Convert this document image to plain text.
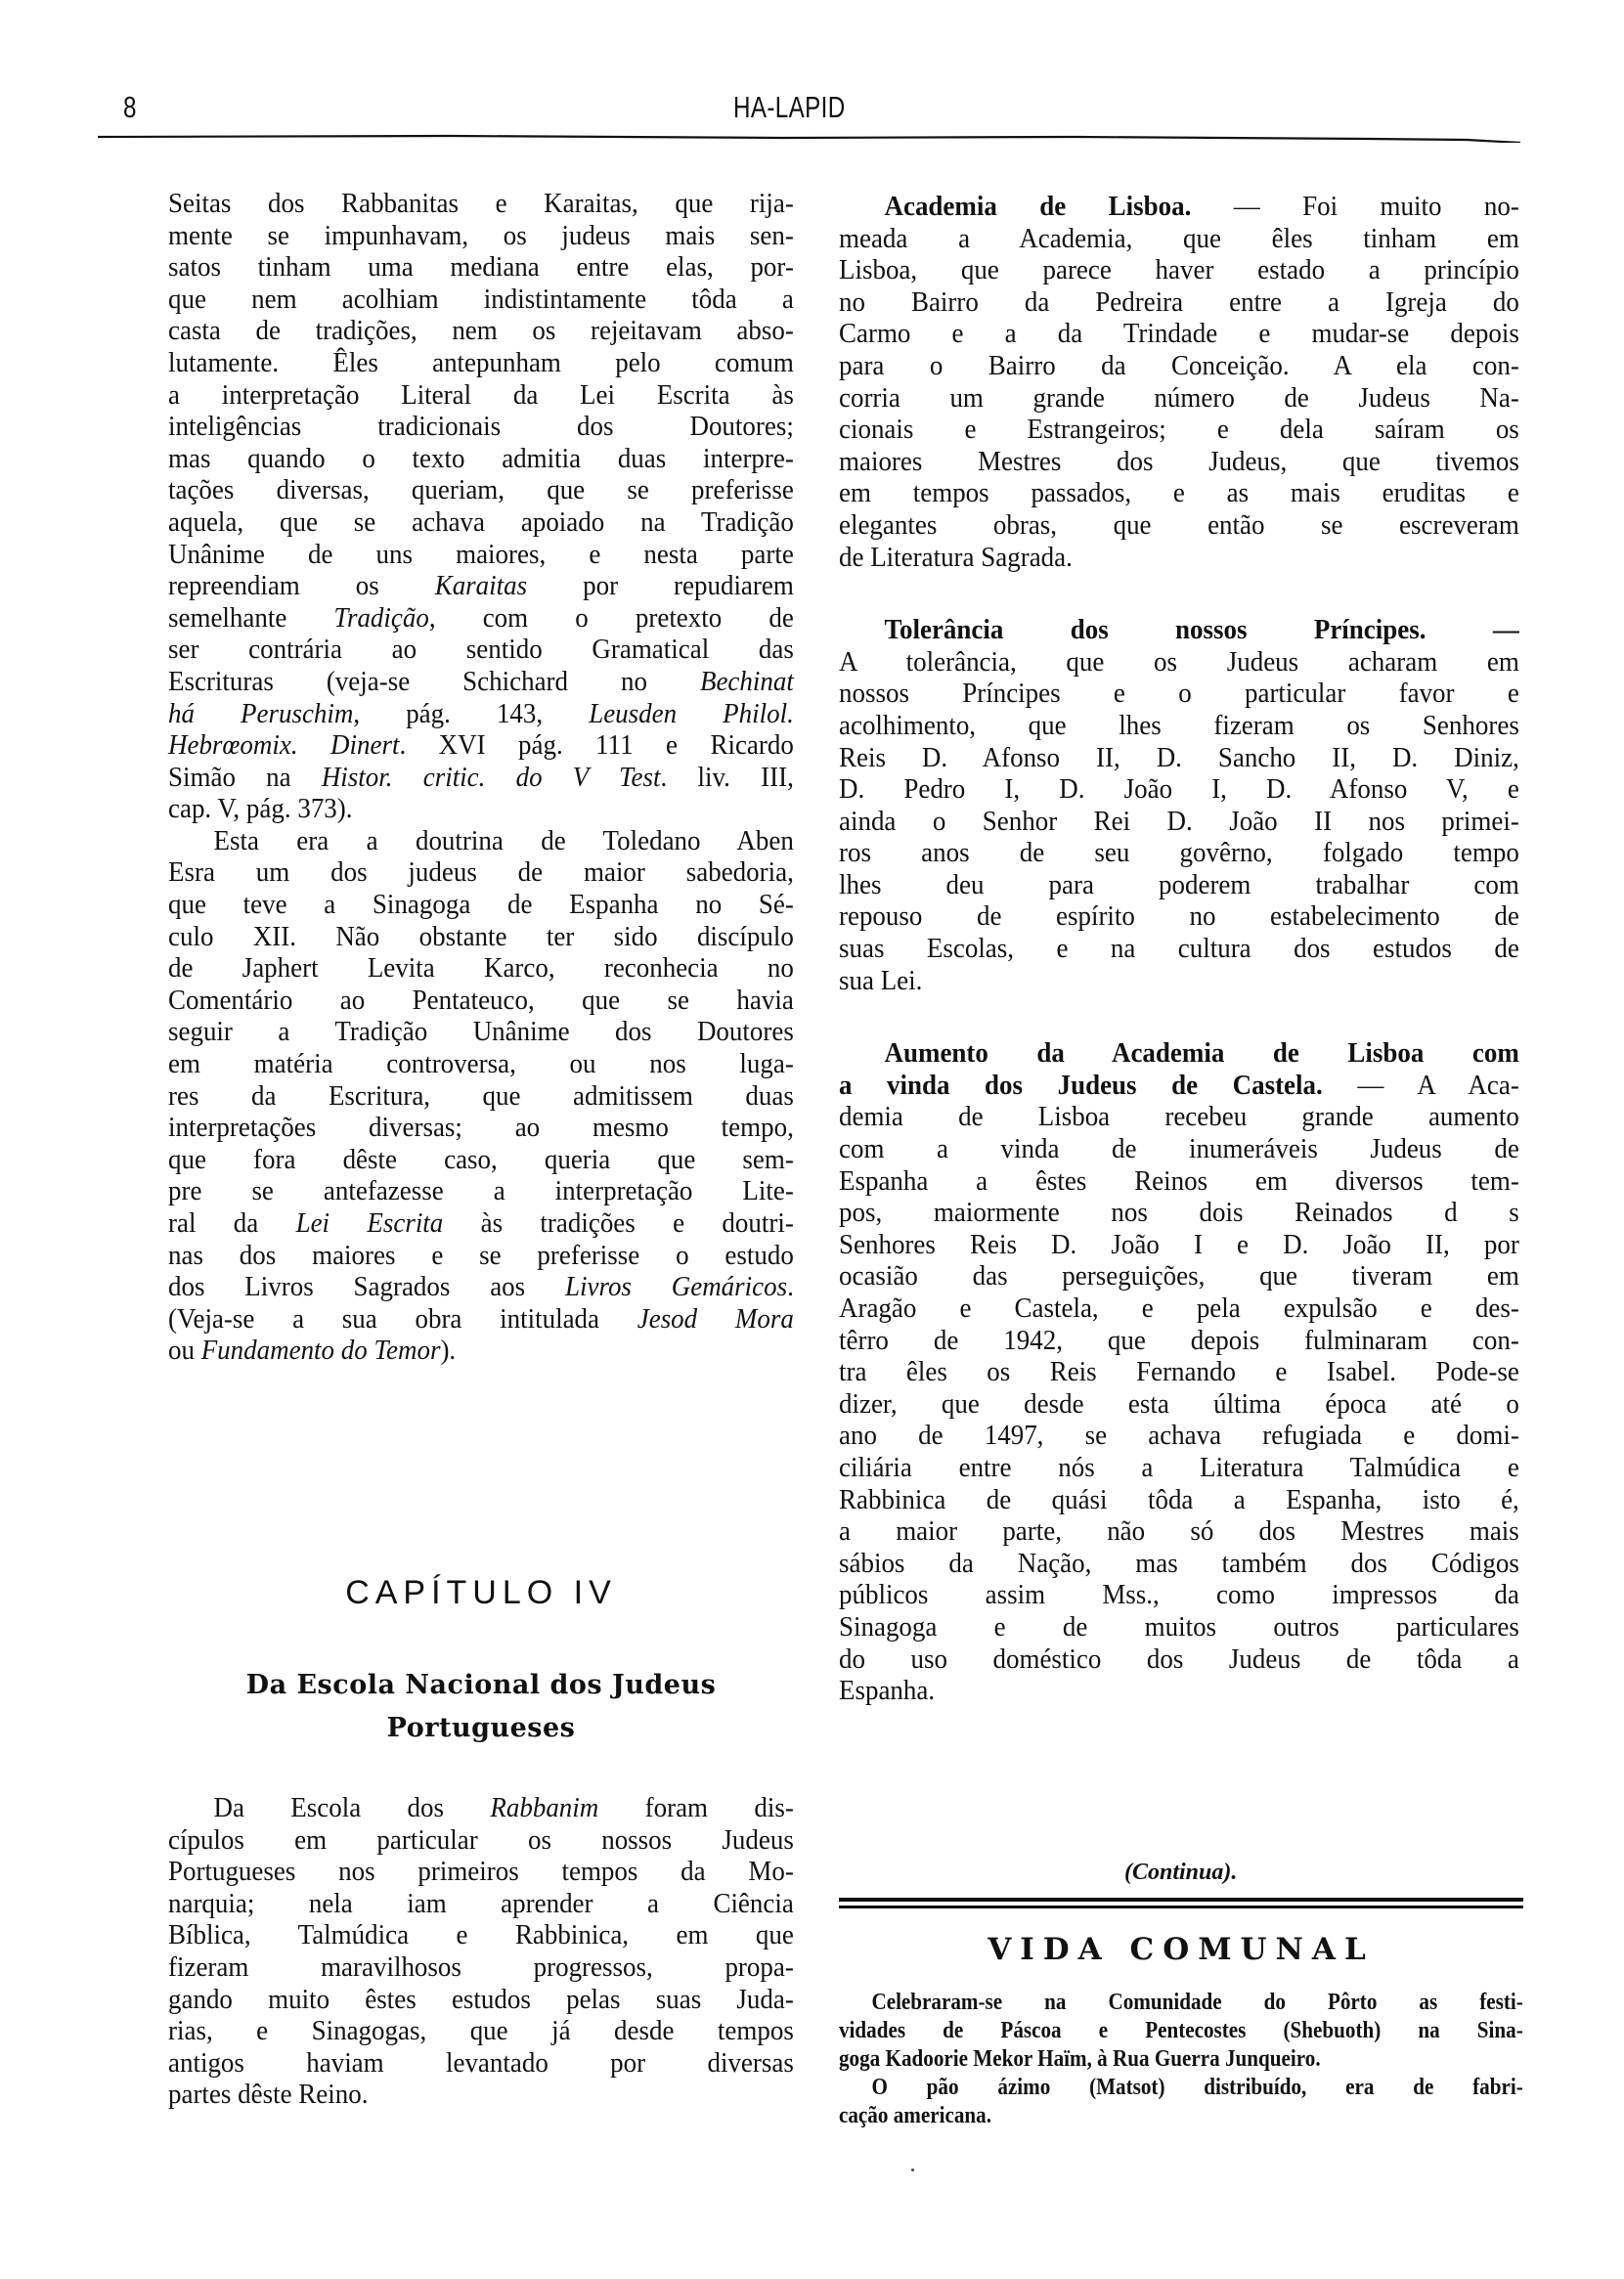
8	HA-LAPID
Seitas dos Rabbanitas e Karaitas, que rija-
mente se impunhavam, os judeus mais sen-
satos tinham uma mediana entre elas, por-
que nem acolhiam indistintamente tôda a
casta de tradições, nem os rejeitavam abso-
lutamente. Êles antepunham pelo comum
a interpretação Literal da Lei Escrita às
inteligências tradicionais dos Doutores;
mas quando o texto admitia duas interpre-
tações diversas, queriam, que se preferisse
aquela, que se achava apoiado na Tradição
Unânime de uns maiores, e nesta parte
repreendiam os Karaitas por repudiarem
semelhante Tradição, com o pretexto de
ser contrária ao sentido Gramatical das
Escrituras (veja-se Schichard no Bechinat
há Peruschim, pág. 143, Leusden Philol.
Hebrœomix. Dinert. XVI pág. 111 e Ricardo
Simão na Histor. critic. do V Test. liv. III,
cap. V, pág. 373).
Esta era a doutrina de Toledano Aben
Esra um dos judeus de maior sabedoria,
que teve a Sinagoga de Espanha no Sé-
culo XII. Não obstante ter sido discípulo
de Japhert Levita Karco, reconhecia no
Comentário ao Pentateuco, que se havia
seguir a Tradição Unânime dos Doutores
em matéria controversa, ou nos luga-
res da Escritura, que admitissem duas
interpretações diversas; ao mesmo tempo,
que fora dêste caso, queria que sem-
pre se antefazesse a interpretação Lite-
ral da Lei Escrita às tradições e doutri-
nas dos maiores e se preferisse o estudo
dos Livros Sagrados aos Livros Gemáricos.
(Veja-se a sua obra intitulada Jesod Mora
ou Fundamento do Temor).
CAPÍTULO IV
Da Escola Nacional dos Judeus
Portugueses
Da Escola dos Rabbanim foram dis-
cípulos em particular os nossos Judeus
Portugueses nos primeiros tempos da Mo-
narquia; nela iam aprender a Ciência
Bíblica, Talmúdica e Rabbinica, em que
fizeram maravilhosos progressos, propa-
gando muito êstes estudos pelas suas Juda-
rias, e Sinagogas, que já desde tempos
antigos haviam levantado por diversas
partes dêste Reino.
Academia de Lisboa. — Foi muito no-
meada a Academia, que êles tinham em
Lisboa, que parece haver estado a princípio
no Bairro da Pedreira entre a Igreja do
Carmo e a da Trindade e mudar-se depois
para o Bairro da Conceição. A ela con-
corria um grande número de Judeus Na-
cionais e Estrangeiros; e dela saíram os
maiores Mestres dos Judeus, que tivemos
em tempos passados, e as mais eruditas e
elegantes obras, que então se escreveram
de Literatura Sagrada.
Tolerância dos nossos Príncipes. —
A tolerância, que os Judeus acharam em
nossos Príncipes e o particular favor e
acolhimento, que lhes fizeram os Senhores
Reis D. Afonso II, D. Sancho II, D. Diniz,
D. Pedro I, D. João I, D. Afonso V, e
ainda o Senhor Rei D. João II nos primei-
ros anos de seu govêrno, folgado tempo
lhes deu para poderem trabalhar com
repouso de espírito no estabelecimento de
suas Escolas, e na cultura dos estudos de
sua Lei.
Aumento da Academia de Lisboa com
a vinda dos Judeus de Castela. — A Aca-
demia de Lisboa recebeu grande aumento
com a vinda de inumeráveis Judeus de
Espanha a êstes Reinos em diversos tem-
pos, maiormente nos dois Reinados d s
Senhores Reis D. João I e D. João II, por
ocasião das perseguições, que tiveram em
Aragão e Castela, e pela expulsão e des-
têrro de 1942, que depois fulminaram con-
tra êles os Reis Fernando e Isabel. Pode-se
dizer, que desde esta última época até o
ano de 1497, se achava refugiada e domi-
ciliária entre nós a Literatura Talmúdica e
Rabbinica de quási tôda a Espanha, isto é,
a maior parte, não só dos Mestres mais
sábios da Nação, mas também dos Códigos
públicos assim Mss., como impressos da
Sinagoga e de muitos outros particulares
do uso doméstico dos Judeus de tôda a
Espanha.
(Continua).
VIDA COMUNAL
Celebraram-se na Comunidade do Pôrto as festi-
vidades de Páscoa e Pentecostes (Shebuoth) na Sina-
goga Kadoorie Mekor Haïm, à Rua Guerra Junqueiro.
O pão ázimo (Matsot) distribuído, era de fabri-
cação americana.
